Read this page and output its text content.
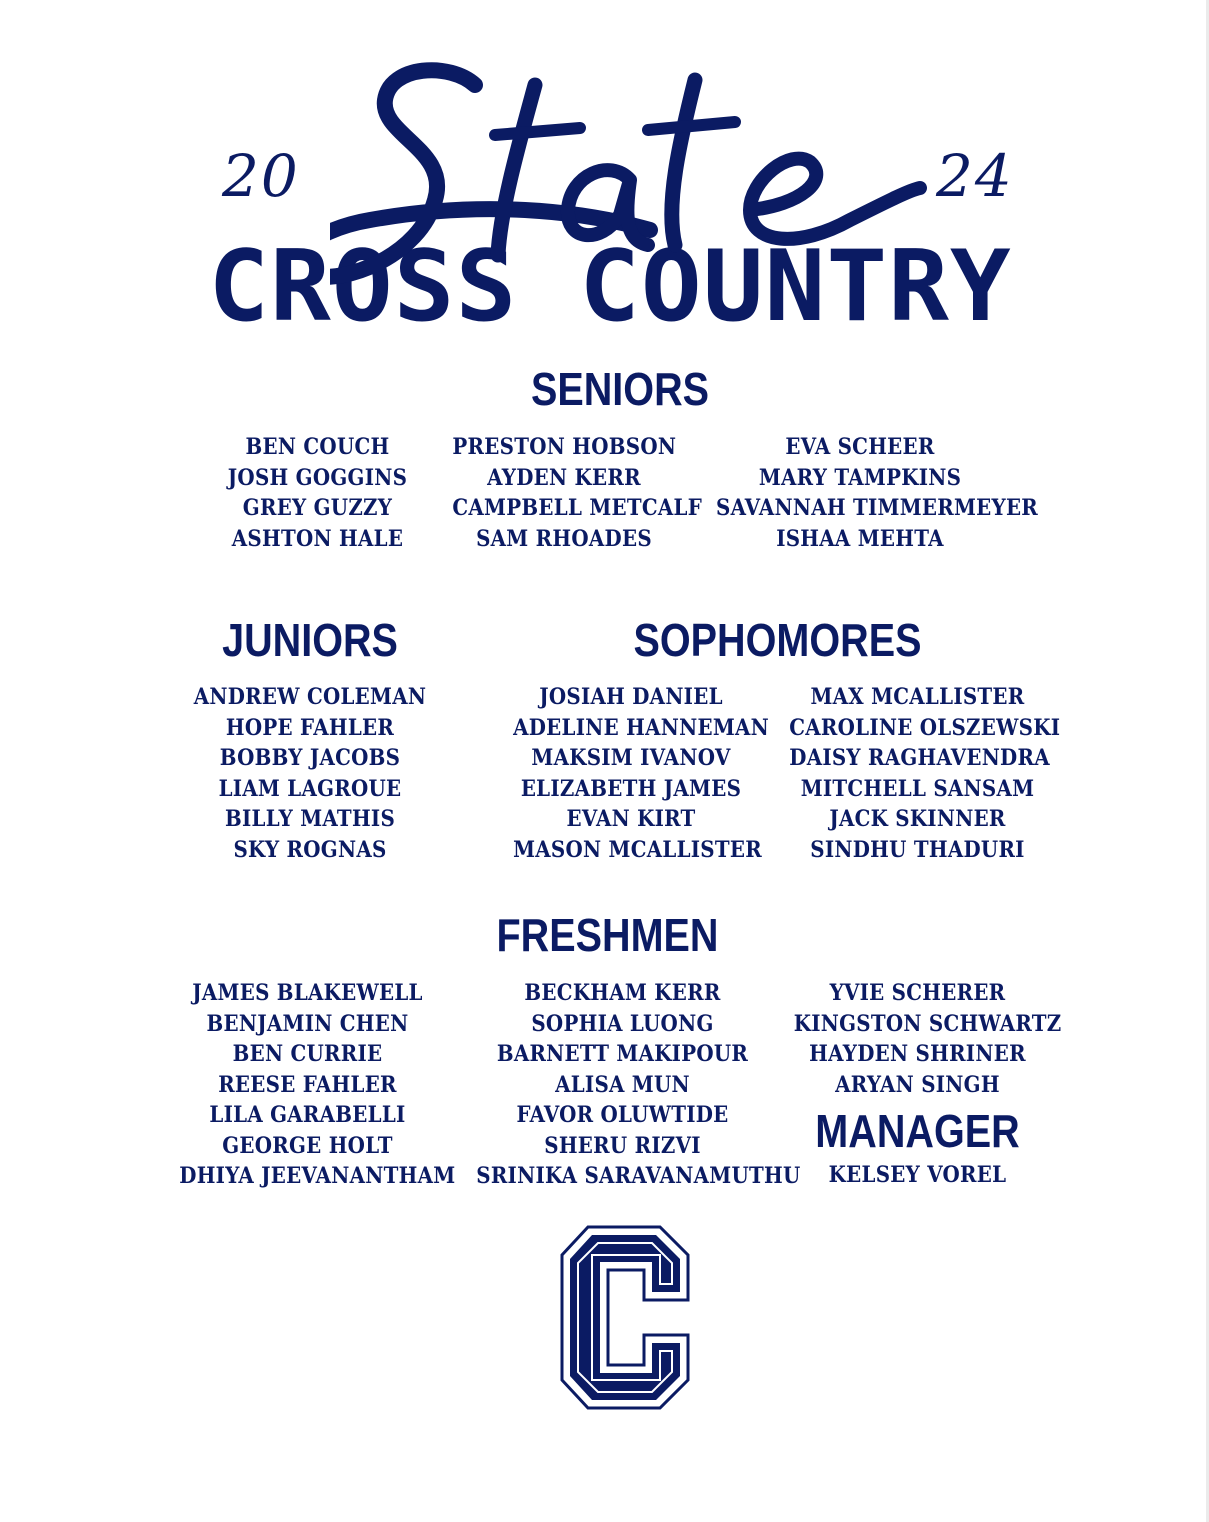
20	24
CROSS COUNTRY
SENIORS
BEN COUCH
JOSH GOGGINS
GREY GUZZY
ASHTON HALE
PRESTON HOBSON
AYDEN KERR
CAMPBELL METCALF
SAM RHOADES
EVA SCHEER
MARY TAMPKINS
SAVANNAH TIMMERMEYER
ISHAA MEHTA
JUNIORS
ANDREW COLEMAN
HOPE FAHLER
BOBBY JACOBS
LIAM LAGROUE
BILLY MATHIS
SKY ROGNAS
SOPHOMORES
JOSIAH DANIEL
ADELINE HANNEMAN
MAKSIM IVANOV
ELIZABETH JAMES
EVAN KIRT
MASON MCALLISTER
MAX MCALLISTER
CAROLINE OLSZEWSKI
DAISY RAGHAVENDRA
MITCHELL SANSAM
JACK SKINNER
SINDHU THADURI
FRESHMEN
JAMES BLAKEWELL
BENJAMIN CHEN
BEN CURRIE
REESE FAHLER
LILA GARABELLI
GEORGE HOLT
DHIYA JEEVANANTHAM
BECKHAM KERR
SOPHIA LUONG
BARNETT MAKIPOUR
ALISA MUN
FAVOR OLUWTIDE
SHERU RIZVI
SRINIKA SARAVANAMUTHU
YVIE SCHERER
KINGSTON SCHWARTZ
HAYDEN SHRINER
ARYAN SINGH
MANAGER
KELSEY VOREL
